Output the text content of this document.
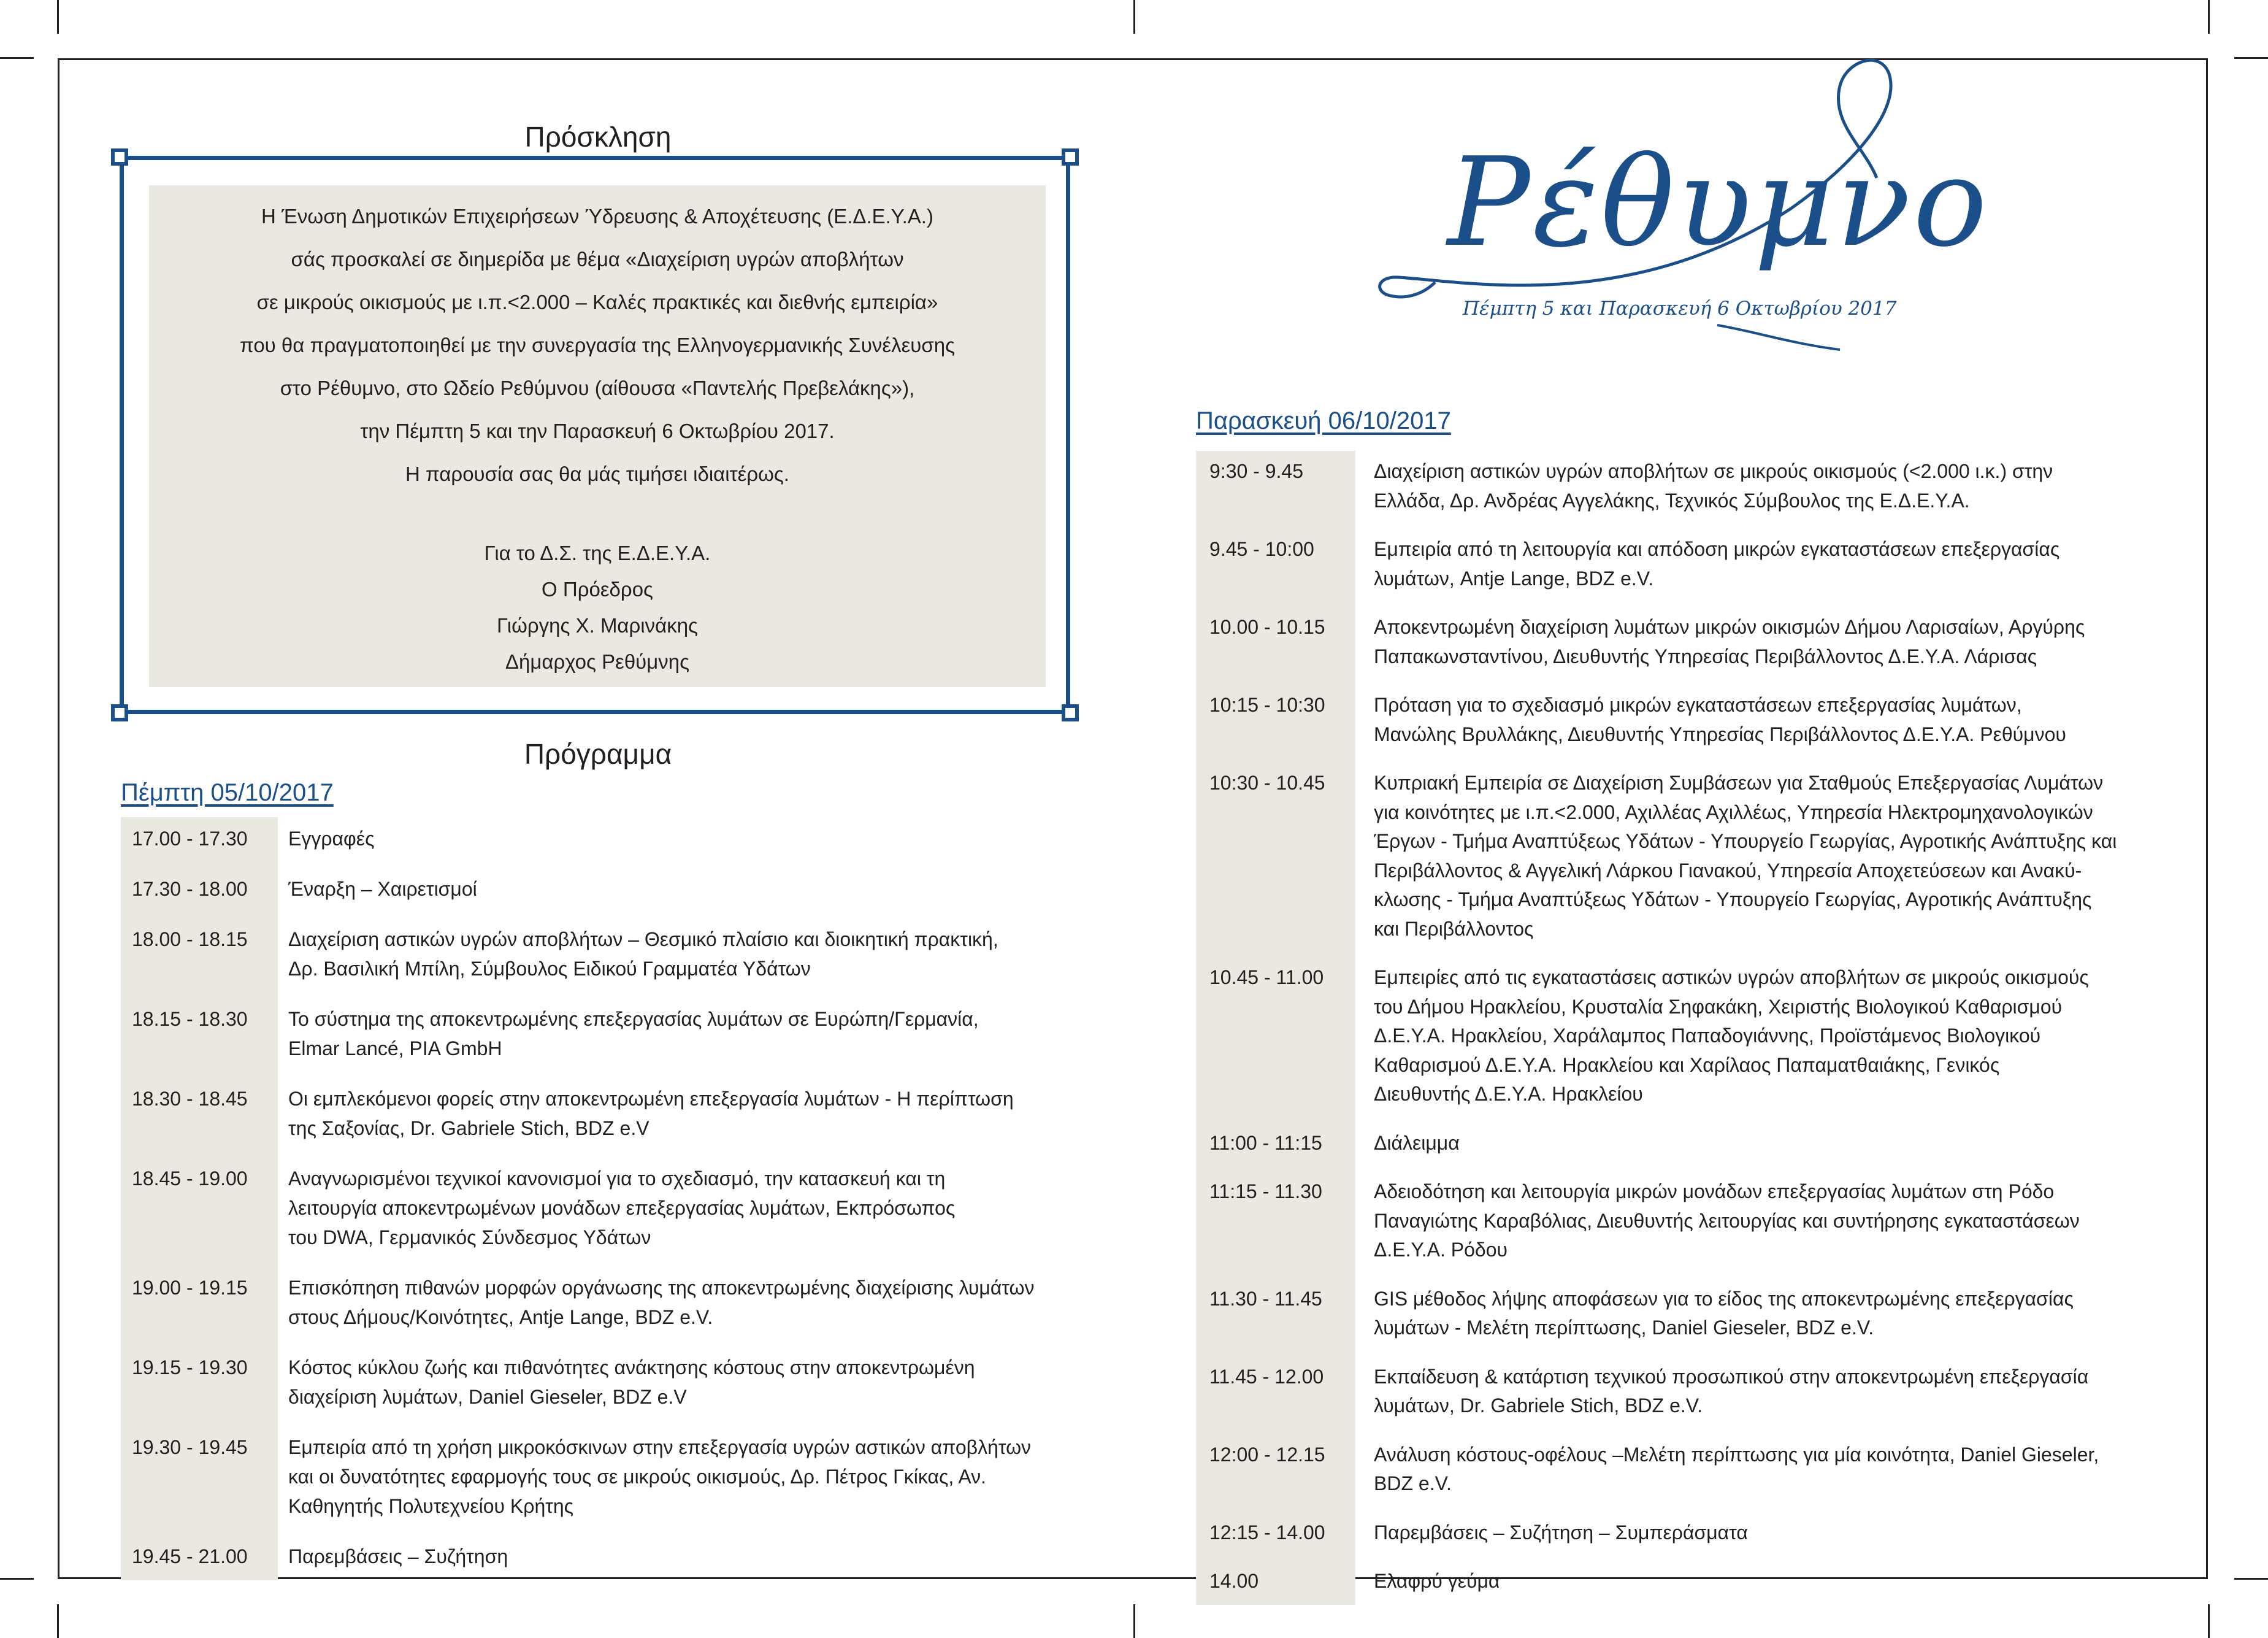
Πρόσκληση
Η Ένωση Δημοτικών Επιχειρήσεων Ύδρευσης & Αποχέτευσης (Ε.Δ.Ε.Υ.Α.)
σάς προσκαλεί σε διημερίδα με θέμα «Διαχείριση υγρών αποβλήτων
σε μικρούς οικισμούς με ι.π.<2.000 – Καλές πρακτικές και διεθνής εμπειρία»
που θα πραγματοποιηθεί με την συνεργασία της Ελληνογερμανικής Συνέλευσης
στο Ρέθυμνο, στο Ωδείο Ρεθύμνου (αίθουσα «Παντελής Πρεβελάκης»),
την Πέμπτη 5 και την Παρασκευή 6 Οκτωβρίου 2017.
Η παρουσία σας θα μάς τιμήσει ιδιαιτέρως.
Για το Δ.Σ. της Ε.Δ.Ε.Υ.Α.
Ο Πρόεδρος
Γιώργης Χ. Μαρινάκης
Δήμαρχος Ρεθύμνης
Πρόγραμμα
Πέμπτη 05/10/2017
17.00 - 17.30 Εγγραφές
17.30 - 18.00 Έναρξη – Χαιρετισμοί
18.00 - 18.15 Διαχείριση αστικών υγρών αποβλήτων – Θεσμικό πλαίσιο και διοικητική πρακτική,
Δρ. Βασιλική Μπίλη, Σύμβουλος Ειδικού Γραμματέα Υδάτων
18.15 - 18.30 Το σύστημα της αποκεντρωμένης επεξεργασίας λυμάτων σε Ευρώπη/Γερμανία,
Elmar Lancé, PIA GmbH
18.30 - 18.45 Οι εμπλεκόμενοι φορείς στην αποκεντρωμένη επεξεργασία λυμάτων - Η περίπτωση
της Σαξονίας, Dr. Gabriele Stich, BDZ e.V
18.45 - 19.00 Αναγνωρισμένοι τεχνικοί κανονισμοί για το σχεδιασμό, την κατασκευή και τη
λειτουργία αποκεντρωμένων μονάδων επεξεργασίας λυμάτων, Εκπρόσωπος
του DWA, Γερμανικός Σύνδεσμος Υδάτων
19.00 - 19.15 Επισκόπηση πιθανών μορφών οργάνωσης της αποκεντρωμένης διαχείρισης λυμάτων
στους Δήμους/Κοινότητες, Antje Lange, BDZ e.V.
19.15 - 19.30 Κόστος κύκλου ζωής και πιθανότητες ανάκτησης κόστους στην αποκεντρωμένη
διαχείριση λυμάτων, Daniel Gieseler, BDZ e.V
19.30 - 19.45 Εμπειρία από τη χρήση μικροκόσκινων στην επεξεργασία υγρών αστικών αποβλήτων
και οι δυνατότητες εφαρμογής τους σε μικρούς οικισμούς, Δρ. Πέτρος Γκίκας, Αν.
Καθηγητής Πολυτεχνείου Κρήτης
19.45 - 21.00 Παρεμβάσεις – Συζήτηση
Ρέθυμνο
Πέμπτη 5 και Παρασκευή 6 Οκτωβρίου 2017
Παρασκευή 06/10/2017
9:30 - 9.45	Διαχείριση αστικών υγρών αποβλήτων σε μικρούς οικισμούς (<2.000 ι.κ.) στην
Ελλάδα, Δρ. Ανδρέας Αγγελάκης, Τεχνικός Σύμβουλος της Ε.Δ.Ε.Υ.Α.
9.45 - 10:00	Εμπειρία από τη λειτουργία και απόδοση μικρών εγκαταστάσεων επεξεργασίας
λυμάτων, Antje Lange, BDZ e.V.
10.00 - 10.15 Αποκεντρωμένη διαχείριση λυμάτων μικρών οικισμών Δήμου Λαρισαίων, Αργύρης
Παπακωνσταντίνου, Διευθυντής Υπηρεσίας Περιβάλλοντος Δ.Ε.Υ.Α. Λάρισας
10:15 - 10:30 Πρόταση για το σχεδιασμό μικρών εγκαταστάσεων επεξεργασίας λυμάτων,
Μανώλης Βρυλλάκης, Διευθυντής Υπηρεσίας Περιβάλλοντος Δ.Ε.Υ.Α. Ρεθύμνου
10:30 - 10.45 Κυπριακή Εμπειρία σε Διαχείριση Συμβάσεων για Σταθμούς Επεξεργασίας Λυμάτων
για κοινότητες με ι.π.<2.000, Αχιλλέας Αχιλλέως, Υπηρεσία Ηλεκτρομηχανολογικών
Έργων - Τμήμα Αναπτύξεως Υδάτων - Υπουργείο Γεωργίας, Αγροτικής Ανάπτυξης και
Περιβάλλοντος & Αγγελική Λάρκου Γιανακού, Υπηρεσία Αποχετεύσεων και Ανακύ-
κλωσης - Τμήμα Αναπτύξεως Υδάτων - Υπουργείο Γεωργίας, Αγροτικής Ανάπτυξης
και Περιβάλλοντος
10.45 - 11.00	Εμπειρίες από τις εγκαταστάσεις αστικών υγρών αποβλήτων σε μικρούς οικισμούς
του Δήμου Ηρακλείου, Κρυσταλία Σηφακάκη, Χειριστής Βιολογικού Καθαρισμού
Δ.Ε.Υ.Α. Ηρακλείου, Χαράλαμπος Παπαδογιάννης, Προϊστάμενος Βιολογικού
Καθαρισμού Δ.Ε.Υ.Α. Ηρακλείου και Χαρίλαος Παπαματθαιάκης, Γενικός
Διευθυντής Δ.Ε.Υ.Α. Ηρακλείου
11:00 - 11:15	Διάλειμμα
11:15 - 11.30	Αδειοδότηση και λειτουργία μικρών μονάδων επεξεργασίας λυμάτων στη Ρόδο
Παναγιώτης Καραβόλιας, Διευθυντής λειτουργίας και συντήρησης εγκαταστάσεων
Δ.Ε.Υ.Α. Ρόδου
11.30 - 11.45	GIS μέθοδος λήψης αποφάσεων για το είδος της αποκεντρωμένης επεξεργασίας
λυμάτων - Μελέτη περίπτωσης, Daniel Gieseler, BDZ e.V.
11.45 - 12.00	Εκπαίδευση & κατάρτιση τεχνικού προσωπικού στην αποκεντρωμένη επεξεργασία
λυμάτων, Dr. Gabriele Stich, BDZ e.V.
12:00 - 12.15 Ανάλυση κόστους-οφέλους –Μελέτη περίπτωσης για μία κοινότητα, Daniel Gieseler,
BDZ e.V.
12:15 - 14.00 Παρεμβάσεις – Συζήτηση – Συμπεράσματα
14.00	Ελαφρύ γεύμα
